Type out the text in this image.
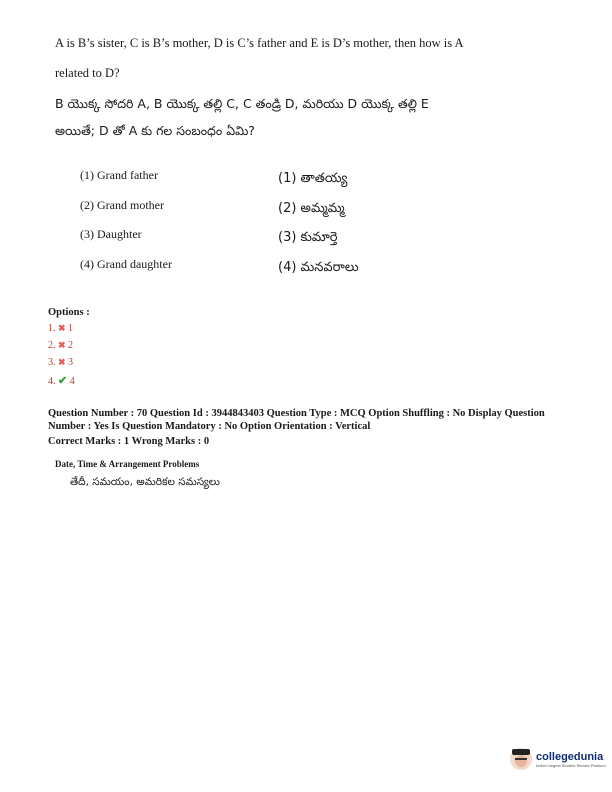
A is B’s sister, C is B’s mother, D is C’s father and E is D’s mother, then how is A
related to D?
B యొక్క సోదరి A, B యొక్క తల్లి C, C తండ్రి D, మరియు D యొక్క తల్లి E
అయితే; D తో A కు గల సంబంధం ఏమి?
(1) Grand father	(1) తాతయ్య
(2) Grand mother	(2) అమ్మమ్మ
(3) Daughter	(3) కుమార్తె
(4) Grand daughter	(4) మనవరాలు
Options :
1. ✖ 1
2. ✖ 2
3. ✖ 3
4. ✔ 4
Question Number : 70 Question Id : 3944843403 Question Type : MCQ Option Shuffling : No Display Question
Number : Yes Is Question Mandatory : No Option Orientation : Vertical
Correct Marks : 1 Wrong Marks : 0
Date, Time & Arrangement Problems
తేదీ, సమయం, అమరికల సమస్యలు
collegedunia
India's largest Student Review Platform
